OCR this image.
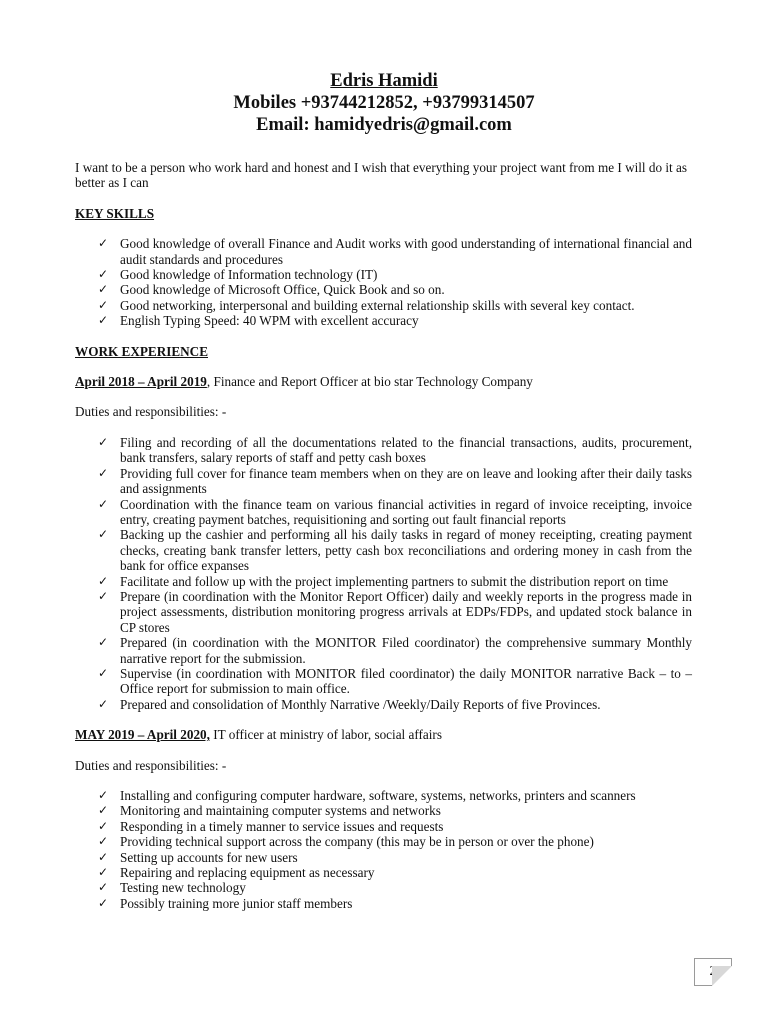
Edris Hamidi
Mobiles +93744212852, +93799314507
Email: hamidyedris@gmail.com

I want to be a person who work hard and honest and I wish that everything your project want from me I will do it as better as I can

KEY SKILLS

✓ Good knowledge of overall Finance and Audit works with good understanding of international financial and audit standards and procedures
✓ Good knowledge of Information technology (IT)
✓ Good knowledge of Microsoft Office, Quick Book and so on.
✓ Good networking, interpersonal and building external relationship skills with several key contact.
✓ English Typing Speed: 40 WPM with excellent accuracy

WORK EXPERIENCE

April 2018 – April 2019, Finance and Report Officer at bio star Technology Company

Duties and responsibilities: -

✓ Filing and recording of all the documentations related to the financial transactions, audits, procurement, bank transfers, salary reports of staff and petty cash boxes
✓ Providing full cover for finance team members when on they are on leave and looking after their daily tasks and assignments
✓ Coordination with the finance team on various financial activities in regard of invoice receipting, invoice entry, creating payment batches, requisitioning and sorting out fault financial reports
✓ Backing up the cashier and performing all his daily tasks in regard of money receipting, creating payment checks, creating bank transfer letters, petty cash box reconciliations and ordering money in cash from the bank for office expanses
✓ Facilitate and follow up with the project implementing partners to submit the distribution report on time
✓ Prepare (in coordination with the Monitor Report Officer) daily and weekly reports in the progress made in project assessments, distribution monitoring progress arrivals at EDPs/FDPs, and updated stock balance in CP stores
✓ Prepared (in coordination with the MONITOR Filed coordinator) the comprehensive summary Monthly narrative report for the submission.
✓ Supervise (in coordination with MONITOR filed coordinator) the daily MONITOR narrative Back – to –Office report for submission to main office.
✓ Prepared and consolidation of Monthly Narrative /Weekly/Daily Reports of five Provinces.

MAY 2019 – April 2020, IT officer at ministry of labor, social affairs

Duties and responsibilities: -

✓ Installing and configuring computer hardware, software, systems, networks, printers and scanners
✓ Monitoring and maintaining computer systems and networks
✓ Responding in a timely manner to service issues and requests
✓ Providing technical support across the company (this may be in person or over the phone)
✓ Setting up accounts for new users
✓ Repairing and replacing equipment as necessary
✓ Testing new technology
✓ Possibly training more junior staff members
2
